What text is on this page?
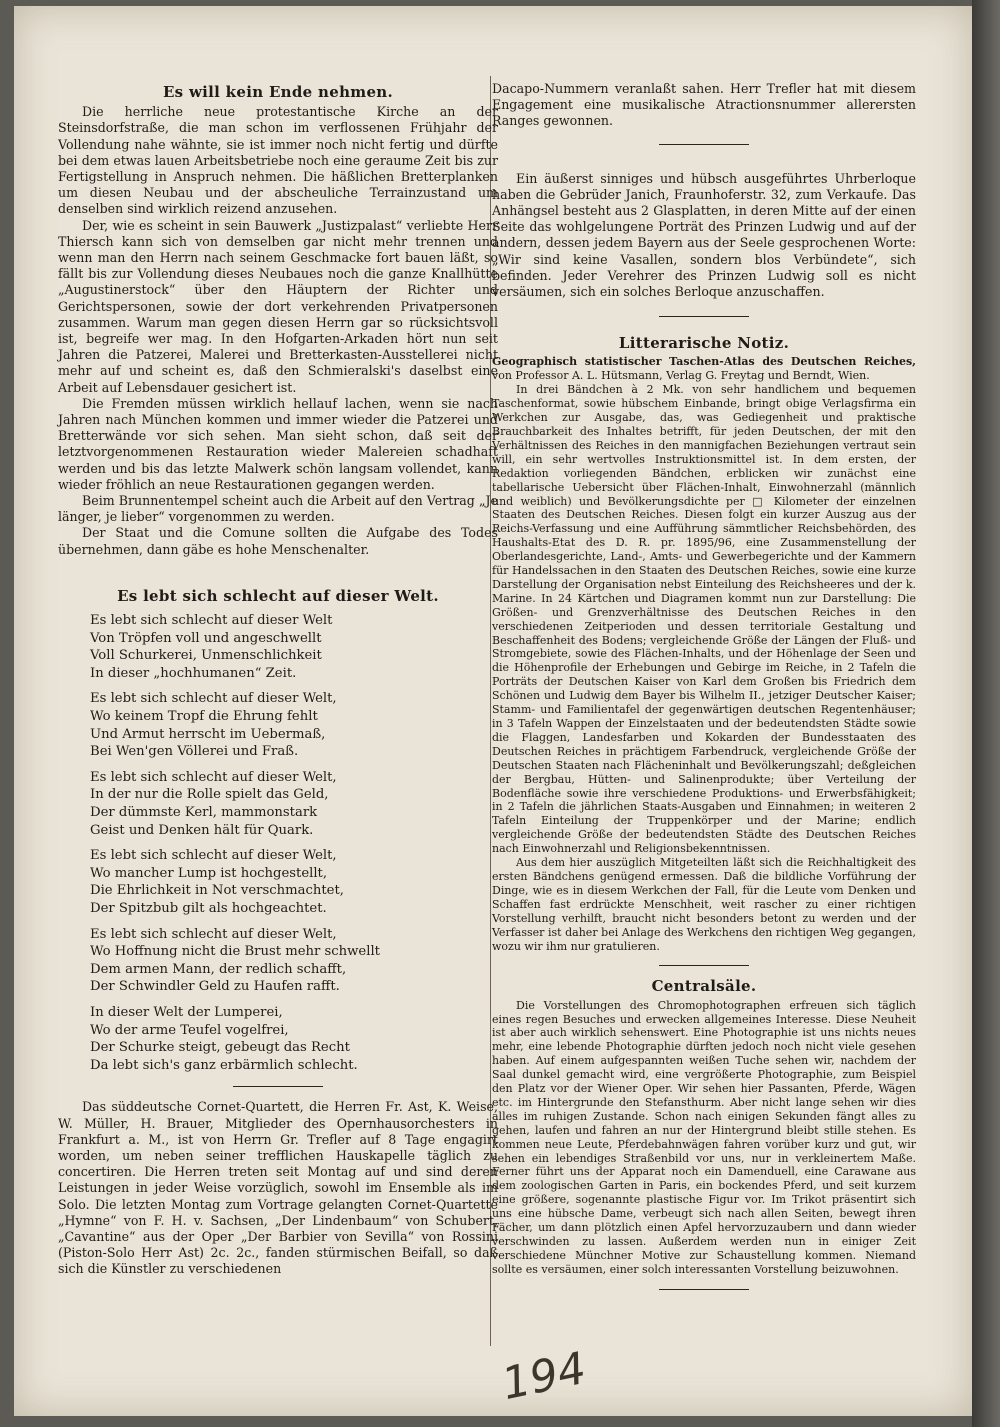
Es will kein Ende nehmen.

Die herrliche neue protestantische Kirche an der Steinsdorfstraße, die man schon im verflossenen Frühjahr der Vollendung nahe wähnte, sie ist immer noch nicht fertig und dürfte bei dem etwas lauen Arbeitsbetriebe noch eine geraume Zeit bis zur Fertigstellung in Anspruch nehmen. Die häßlichen Bretterplanken um diesen Neubau und der abscheuliche Terrainzustand um denselben sind wirklich reizend anzusehen.

Der, wie es scheint in sein Bauwerk „Justizpalast“ verliebte Herr Thiersch kann sich von demselben gar nicht mehr trennen und wenn man den Herrn nach seinem Geschmacke fort bauen läßt, so fällt bis zur Vollendung dieses Neubaues noch die ganze Knallhütte „Augustinerstock“ über den Häuptern der Richter und Gerichtspersonen, sowie der dort verkehrenden Privatpersonen zusammen. Warum man gegen diesen Herrn gar so rücksichtsvoll ist, begreife wer mag. In den Hofgarten-Arkaden hört nun seit Jahren die Patzerei, Malerei und Bretterkasten-Ausstellerei nicht mehr auf und scheint es, daß den Schmieralski's daselbst eine Arbeit auf Lebensdauer gesichert ist.

Die Fremden müssen wirklich hellauf lachen, wenn sie nach Jahren nach München kommen und immer wieder die Patzerei und Bretterwände vor sich sehen. Man sieht schon, daß seit der letztvorgenommenen Restauration wieder Malereien schadhaft werden und bis das letzte Malwerk schön langsam vollendet, kann wieder fröhlich an neue Restaurationen gegangen werden.

Beim Brunnentempel scheint auch die Arbeit auf den Vertrag „Je länger, je lieber“ vorgenommen zu werden.

Der Staat und die Comune sollten die Aufgabe des Todes übernehmen, dann gäbe es hohe Menschenalter.

Es lebt sich schlecht auf dieser Welt.
Es lebt sich schlecht auf dieser Welt
Von Tröpfen voll und angeschwellt
Voll Schurkerei, Unmenschlichkeit
In dieser „hochhumanen“ Zeit.
Es lebt sich schlecht auf dieser Welt,
Wo keinem Tropf die Ehrung fehlt
Und Armut herrscht im Uebermaß,
Bei Wen'gen Völlerei und Fraß.
Es lebt sich schlecht auf dieser Welt,
In der nur die Rolle spielt das Geld,
Der dümmste Kerl, mammonstark
Geist und Denken hält für Quark.
Es lebt sich schlecht auf dieser Welt,
Wo mancher Lump ist hochgestellt,
Die Ehrlichkeit in Not verschmachtet,
Der Spitzbub gilt als hochgeachtet.
Es lebt sich schlecht auf dieser Welt,
Wo Hoffnung nicht die Brust mehr schwellt
Dem armen Mann, der redlich schafft,
Der Schwindler Geld zu Haufen rafft.
In dieser Welt der Lumperei,
Wo der arme Teufel vogelfrei,
Der Schurke steigt, gebeugt das Recht
Da lebt sich's ganz erbärmlich schlecht.

Das süddeutsche Cornet-Quartett, die Herren Fr. Ast, K. Weise, W. Müller, H. Brauer, Mitglieder des Opernhausorchesters in Frankfurt a. M., ist von Herrn Gr. Trefler auf 8 Tage engagirt worden, um neben seiner trefflichen Hauskapelle täglich zu concertiren. Die Herren treten seit Montag auf und sind deren Leistungen in jeder Weise vorzüglich, sowohl im Ensemble als im Solo. Die letzten Montag zum Vortrage gelangten Cornet-Quartette „Hymne“ von F. H. v. Sachsen, „Der Lindenbaum“ von Schubert, „Cavantine“ aus der Oper „Der Barbier von Sevilla“ von Rossini (Piston-Solo Herr Ast) 2c. 2c., fanden stürmischen Beifall, so daß sich die Künstler zu verschiedenen

Dacapo-Nummern veranlaßt sahen. Herr Trefler hat mit diesem Engagement eine musikalische Atractionsnummer allerersten Ranges gewonnen.

Ein äußerst sinniges und hübsch ausgeführtes Uhrberloque haben die Gebrüder Janich, Fraunhoferstr. 32, zum Verkaufe. Das Anhängsel besteht aus 2 Glasplatten, in deren Mitte auf der einen Seite das wohlgelungene Porträt des Prinzen Ludwig und auf der andern, dessen jedem Bayern aus der Seele gesprochenen Worte: „Wir sind keine Vasallen, sondern blos Verbündete“, sich befinden. Jeder Verehrer des Prinzen Ludwig soll es nicht versäumen, sich ein solches Berloque anzuschaffen.

Litterarische Notiz.

Geographisch statistischer Taschen-Atlas des Deutschen Reiches, von Professor A. L. Hütsmann, Verlag G. Freytag und Berndt, Wien.

In drei Bändchen à 2 Mk. von sehr handlichem und bequemen Taschenformat, sowie hübschem Einbande, bringt obige Verlagsfirma ein Werkchen zur Ausgabe, das, was Gediegenheit und praktische Brauchbarkeit des Inhaltes betrifft, für jeden Deutschen, der mit den Verhältnissen des Reiches in den mannigfachen Beziehungen vertraut sein will, ein sehr wertvolles Instruktionsmittel ist. In dem ersten, der Redaktion vorliegenden Bändchen, erblicken wir zunächst eine tabellarische Uebersicht über Flächen-Inhalt, Einwohnerzahl (männlich und weiblich) und Bevölkerungsdichte per □ Kilometer der einzelnen Staaten des Deutschen Reiches. Diesen folgt ein kurzer Auszug aus der Reichs-Verfassung und eine Aufführung sämmtlicher Reichsbehörden, des Haushalts-Etat des D. R. pr. 1895/96, eine Zusammenstellung der Oberlandesgerichte, Land-, Amts- und Gewerbegerichte und der Kammern für Handelssachen in den Staaten des Deutschen Reiches, sowie eine kurze Darstellung der Organisation nebst Einteilung des Reichsheeres und der k. Marine. In 24 Kärtchen und Diagramen kommt nun zur Darstellung: Die Größen- und Grenzverhältnisse des Deutschen Reiches in den verschiedenen Zeitperioden und dessen territoriale Gestaltung und Beschaffenheit des Bodens; vergleichende Größe der Längen der Fluß- und Stromgebiete, sowie des Flächen-Inhalts, und der Höhenlage der Seen und die Höhenprofile der Erhebungen und Gebirge im Reiche, in 2 Tafeln die Porträts der Deutschen Kaiser von Karl dem Großen bis Friedrich dem Schönen und Ludwig dem Bayer bis Wilhelm II., jetziger Deutscher Kaiser; Stamm- und Familientafel der gegenwärtigen deutschen Regentenhäuser; in 3 Tafeln Wappen der Einzelstaaten und der bedeutendsten Städte sowie die Flaggen, Landesfarben und Kokarden der Bundesstaaten des Deutschen Reiches in prächtigem Farbendruck, vergleichende Größe der Deutschen Staaten nach Flächeninhalt und Bevölkerungszahl; deßgleichen der Bergbau, Hütten- und Salinenprodukte; über Verteilung der Bodenfläche sowie ihre verschiedene Produktions- und Erwerbsfähigkeit; in 2 Tafeln die jährlichen Staats-Ausgaben und Einnahmen; in weiteren 2 Tafeln Einteilung der Truppenkörper und der Marine; endlich vergleichende Größe der bedeutendsten Städte des Deutschen Reiches nach Einwohnerzahl und Religionsbekenntnissen.

Aus dem hier auszüglich Mitgeteilten läßt sich die Reichhaltigkeit des ersten Bändchens genügend ermessen. Daß die bildliche Vorführung der Dinge, wie es in diesem Werkchen der Fall, für die Leute vom Denken und Schaffen fast erdrückte Menschheit, weit rascher zu einer richtigen Vorstellung verhilft, braucht nicht besonders betont zu werden und der Verfasser ist daher bei Anlage des Werkchens den richtigen Weg gegangen, wozu wir ihm nur gratulieren.

Centralsäle.

Die Vorstellungen des Chromophotographen erfreuen sich täglich eines regen Besuches und erwecken allgemeines Interesse. Diese Neuheit ist aber auch wirklich sehenswert. Eine Photographie ist uns nichts neues mehr, eine lebende Photographie dürften jedoch noch nicht viele gesehen haben. Auf einem aufgespannten weißen Tuche sehen wir, nachdem der Saal dunkel gemacht wird, eine vergrößerte Photographie, zum Beispiel den Platz vor der Wiener Oper. Wir sehen hier Passanten, Pferde, Wägen etc. im Hintergrunde den Stefansthurm. Aber nicht lange sehen wir dies alles im ruhigen Zustande. Schon nach einigen Sekunden fängt alles zu gehen, laufen und fahren an nur der Hintergrund bleibt stille stehen. Es kommen neue Leute, Pferdebahnwägen fahren vorüber kurz und gut, wir sehen ein lebendiges Straßenbild vor uns, nur in verkleinertem Maße. Ferner führt uns der Apparat noch ein Damenduell, eine Carawane aus dem zoologischen Garten in Paris, ein bockendes Pferd, und seit kurzem eine größere, sogenannte plastische Figur vor. Im Trikot präsentirt sich uns eine hübsche Dame, verbeugt sich nach allen Seiten, bewegt ihren Fächer, um dann plötzlich einen Apfel hervorzuzaubern und dann wieder verschwinden zu lassen. Außerdem werden nun in einiger Zeit verschiedene Münchner Motive zur Schaustellung kommen. Niemand sollte es versäumen, einer solch interessanten Vorstellung beizuwohnen.

194
